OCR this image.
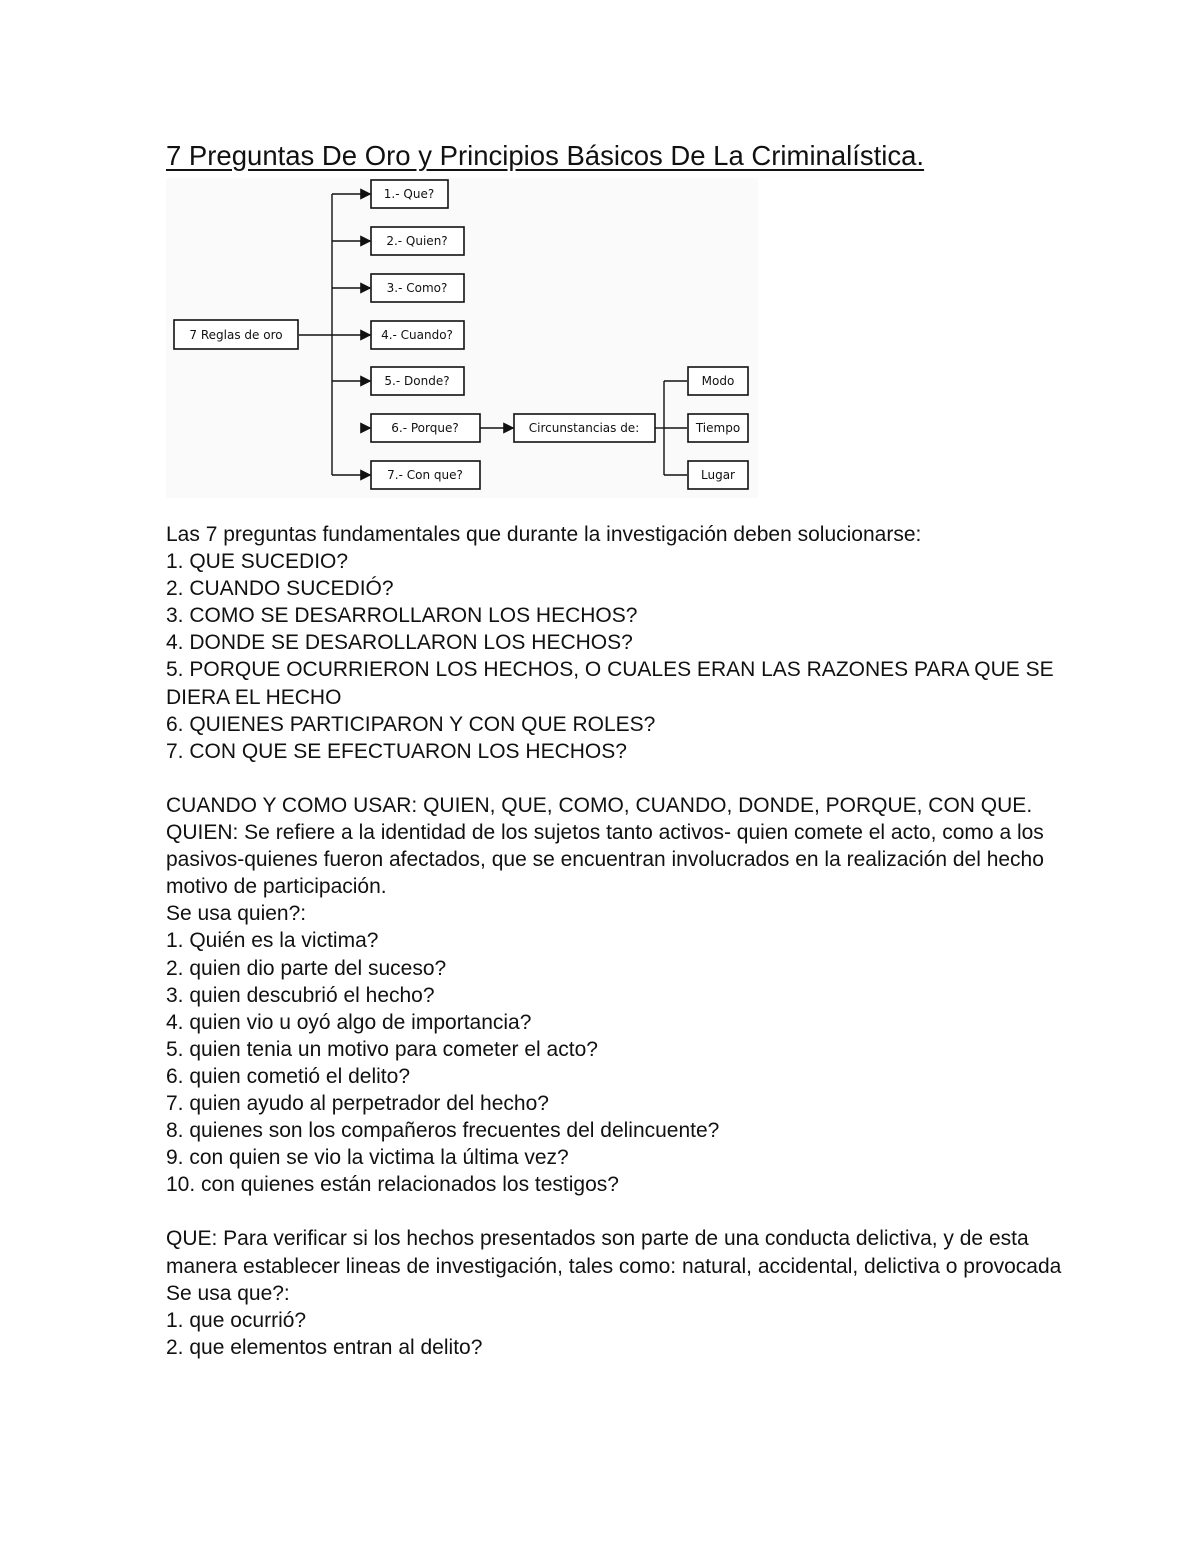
7 Preguntas De Oro y Principios Básicos De La Criminalística.
7 Reglas de oro
1.- Que?
2.- Quien?
3.- Como?
4.- Cuando?
5.- Donde?
6.- Porque?
7.- Con que?
Circunstancias de:
Modo
Tiempo
Lugar

Las 7 preguntas fundamentales que durante la investigación deben solucionarse:

1. QUE SUCEDIO?

2. CUANDO SUCEDIÓ?

3. COMO SE DESARROLLARON LOS HECHOS?

4. DONDE SE DESAROLLARON LOS HECHOS?

5. PORQUE OCURRIERON LOS HECHOS, O CUALES ERAN LAS RAZONES PARA QUE SE DIERA EL HECHO

6. QUIENES PARTICIPARON Y CON QUE ROLES?

7. CON QUE SE EFECTUARON LOS HECHOS?

CUANDO Y COMO USAR: QUIEN, QUE, COMO, CUANDO, DONDE, PORQUE, CON QUE.

QUIEN: Se refiere a la identidad de los sujetos tanto activos- quien comete el acto, como a los pasivos-quienes fueron afectados, que se encuentran involucrados en la realización del hecho motivo de participación.

Se usa quien?:

1. Quién es la victima?

2. quien dio parte del suceso?

3. quien descubrió el hecho?

4. quien vio u oyó algo de importancia?

5. quien tenia un motivo para cometer el acto?

6. quien cometió el delito?

7. quien ayudo al perpetrador del hecho?

8. quienes son los compañeros frecuentes del delincuente?

9. con quien se vio la victima la última vez?

10. con quienes están relacionados los testigos?

QUE: Para verificar si los hechos presentados son parte de una conducta delictiva, y de esta manera establecer lineas de investigación, tales como: natural, accidental, delictiva o provocada

Se usa que?:

1. que ocurrió?

2. que elementos entran al delito?
